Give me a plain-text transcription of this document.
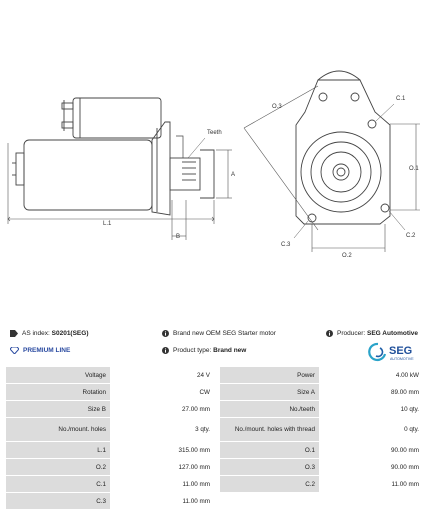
Teeth
A
B
L.1
O.3
C.1
O.1
C.2
C.3
O.2
AS index:
S0201(SEG)	Brand new OEM SEG Starter motor	Producer:
SEG Automotive
PREMIUM LINE	Product type:
Brand new	SEG
AUTOMOTIVE
Voltage	24 V		Power	4.00 kW
Rotation	CW		Size A	89.00 mm
Size B	27.00 mm		No./teeth	10 qty.
No./mount. holes	3 qty.		No./mount. holes with thread	0 qty.
L.1	315.00 mm		O.1	90.00 mm
O.2	127.00 mm		O.3	90.00 mm
C.1	11.00 mm		C.2	11.00 mm
C.3	11.00 mm			
